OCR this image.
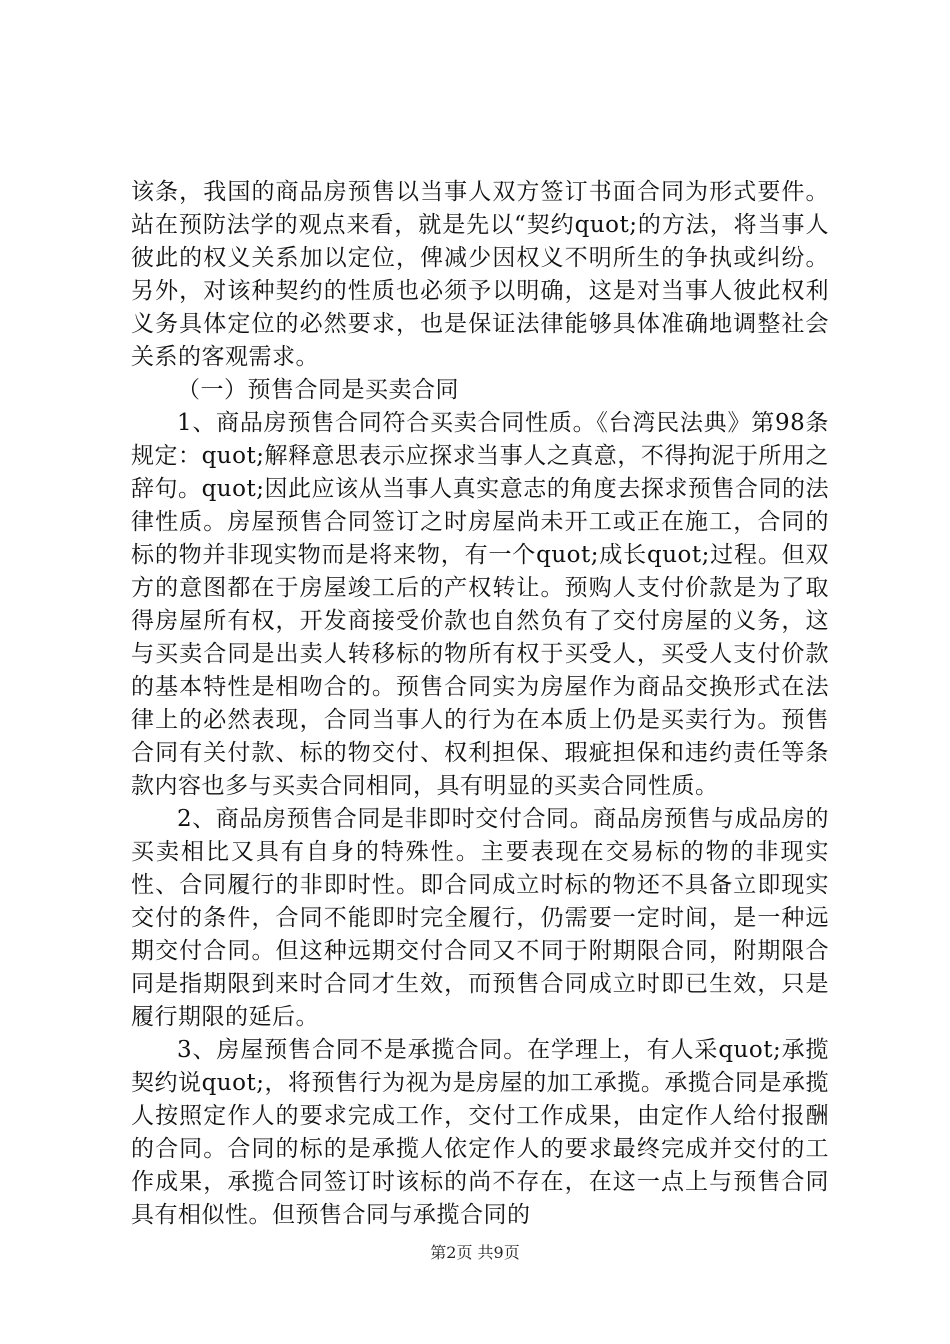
该条，我国的商品房预售以当事人双方签订书面合同为形式要件。站在预防法学的观点来看，就是先以“契约quot;的方法，将当事人彼此的权义关系加以定位，俾减少因权义不明所生的争执或纠纷。另外，对该种契约的性质也必须予以明确，这是对当事人彼此权利义务具体定位的必然要求，也是保证法律能够具体准确地调整社会关系的客观需求。

（一）预售合同是买卖合同

1、商品房预售合同符合买卖合同性质。《台湾民法典》第98条规定：quot;解释意思表示应探求当事人之真意，不得拘泥于所用之辞句。quot;因此应该从当事人真实意志的角度去探求预售合同的法律性质。房屋预售合同签订之时房屋尚未开工或正在施工，合同的标的物并非现实物而是将来物，有一个quot;成长quot;过程。但双方的意图都在于房屋竣工后的产权转让。预购人支付价款是为了取得房屋所有权，开发商接受价款也自然负有了交付房屋的义务，这与买卖合同是出卖人转移标的物所有权于买受人，买受人支付价款的基本特性是相吻合的。预售合同实为房屋作为商品交换形式在法律上的必然表现，合同当事人的行为在本质上仍是买卖行为。预售合同有关付款、标的物交付、权利担保、瑕疵担保和违约责任等条款内容也多与买卖合同相同，具有明显的买卖合同性质。

2、商品房预售合同是非即时交付合同。商品房预售与成品房的买卖相比又具有自身的特殊性。主要表现在交易标的物的非现实性、合同履行的非即时性。即合同成立时标的物还不具备立即现实交付的条件，合同不能即时完全履行，仍需要一定时间，是一种远期交付合同。但这种远期交付合同又不同于附期限合同，附期限合同是指期限到来时合同才生效，而预售合同成立时即已生效，只是履行期限的延后。

3、房屋预售合同不是承揽合同。在学理上，有人采quot;承揽契约说quot;，将预售行为视为是房屋的加工承揽。承揽合同是承揽人按照定作人的要求完成工作，交付工作成果，由定作人给付报酬的合同。合同的标的是承揽人依定作人的要求最终完成并交付的工作成果，承揽合同签订时该标的尚不存在，在这一点上与预售合同具有相似性。但预售合同与承揽合同的

第2页 共9页
